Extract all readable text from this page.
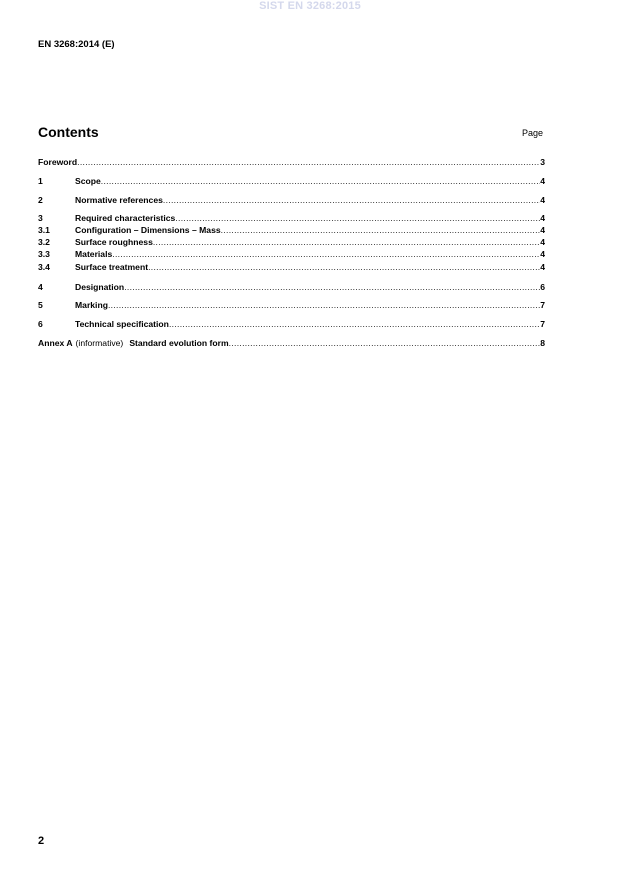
SIST EN 3268:2015
EN 3268:2014 (E)
Contents	Page
Foreword .....	3
1	Scope .....	4
2	Normative references .....	4
3	Required characteristics .....	4
3.1	Configuration – Dimensions – Mass .....	4
3.2	Surface roughness .....	4
3.3	Materials .....	4
3.4	Surface treatment .....	4
4	Designation .....	6
5	Marking .....	7
6	Technical specification .....	7
Annex A (informative) Standard evolution form .....	8
2
